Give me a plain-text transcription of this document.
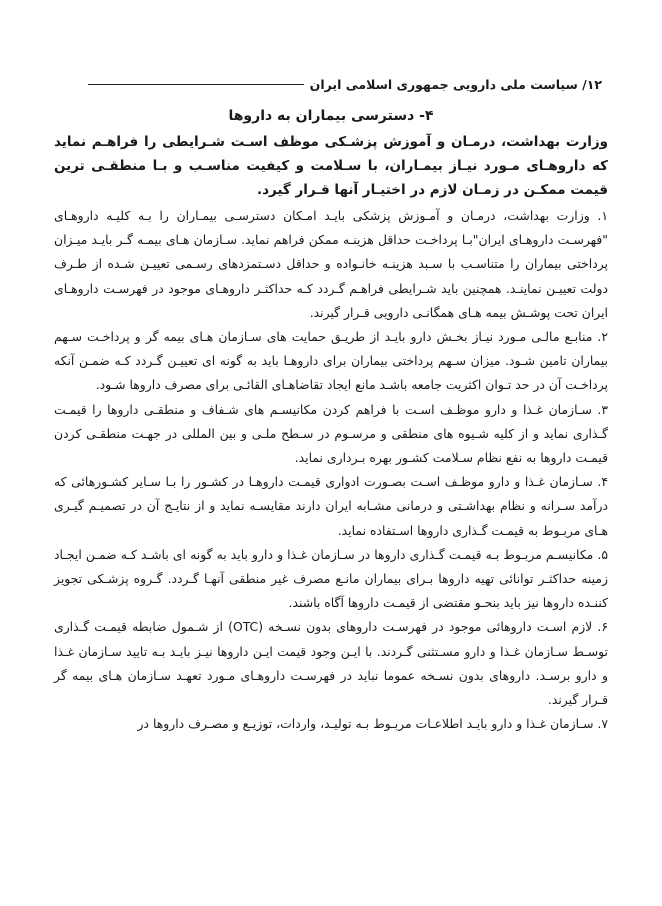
۱۲/ سیاست ملی دارویی جمهوری اسلامی ایران
۴- دسترسی بیماران به داروها

وزارت بهداشت، درمـان و آموزش پزشـکی موظف اسـت شـرایطی را فراهـم نماید که داروهـای مـورد نیـاز بیمـاران، با سـلامت و کیفیت مناسـب و بـا منطقـی ترین قیمت ممکـن در زمـان لازم در اختیـار آنها قـرار گیرد.

۱. وزارت بهداشت، درمـان و آمـوزش پزشکی بایـد امـکان دسترسـی بیمـاران را بـه کلیـه داروهـای "فهرسـت داروهـای ایران"بـا پرداخـت حداقل هزینـه ممکن فراهم نماید. سـازمان هـای بیمـه گـر بایـد میـزان پرداختی بیماران را متناسـب با سـبد هزینـه خانـواده و حداقل دسـتمزدهای رسـمی تعییـن شـده از طـرف دولت تعییـن نماینـد. همچنین باید شـرایطی فراهـم گـردد کـه حداکثـر داروهـای موجود در فهرسـت داروهـای ایران تحت پوشـش بیمه هـای همگانـی دارویی قـرار گیرند.

۲. منابـع مالـی مـورد نیـاز بخـش دارو بایـد از طریـق حمایت های سـازمان هـای بیمه گر و پرداخـت سـهم بیماران تامین شـود. میزان سـهم پرداختی بیماران برای داروهـا باید به گونه ای تعییـن گـردد کـه ضمـن آنکه پرداخـت آن در حد تـوان اکثریت جامعه باشـد مانع ایجاد تقاضاهـای القائـی برای مصرف داروها شـود.

۳. سـازمان غـذا و دارو موظـف اسـت با فراهم کردن مکانیسـم های شـفاف و منطقـی داروها را قیمـت گـذاری نماید و از کلیه شـیوه های منطقی و مرسـوم در سـطح ملـی و بین المللی در جهـت منطقـی کردن قیمـت داروها به نفع نظام سـلامت کشـور بهره بـرداری نماید.

۴. سـازمان غـذا و دارو موظـف اسـت بصـورت ادواری قیمـت داروهـا در کشـور را بـا سـایر کشـورهائی که درآمد سـرانه و نظام بهداشـتی و درمانی مشـابه ایران دارند مقایسـه نماید و از نتایـج آن در تصمیـم گیـری هـای مربـوط به قیمـت گـذاری داروها اسـتفاده نماید.

۵. مکانیسـم مربـوط بـه قیمـت گـذاری داروها در سـازمان غـذا و دارو باید به گونه ای باشـد کـه ضمـن ایجـاد زمینه حداکثـر توانائی تهیه داروها بـرای بیماران مانـع مصرف غیر منطقی آنهـا گـردد. گـروه پزشـکی تجویز کننـده داروها نیز باید بنحـو مقتضی از قیمـت داروها آگاه باشند.

۶. لازم اسـت داروهائی موجود در فهرسـت داروهای بدون نسـخه (OTC) از شـمول ضابطه قیمـت گـذاری توسـط سـازمان غـذا و دارو مسـتثنی گـردند. با ایـن وجود قیمت ایـن داروها نیـز بایـد بـه تایید سـازمان غـذا و دارو برسـد. داروهای بدون نسـخه عموما نباید در فهرسـت داروهـای مـورد تعهـد سـازمان هـای بیمه گر قـرار گیرند.

۷. سـازمان غـذا و دارو بایـد اطلاعـات مربـوط بـه تولیـد، واردات، توزیـع و مصـرف داروها در
